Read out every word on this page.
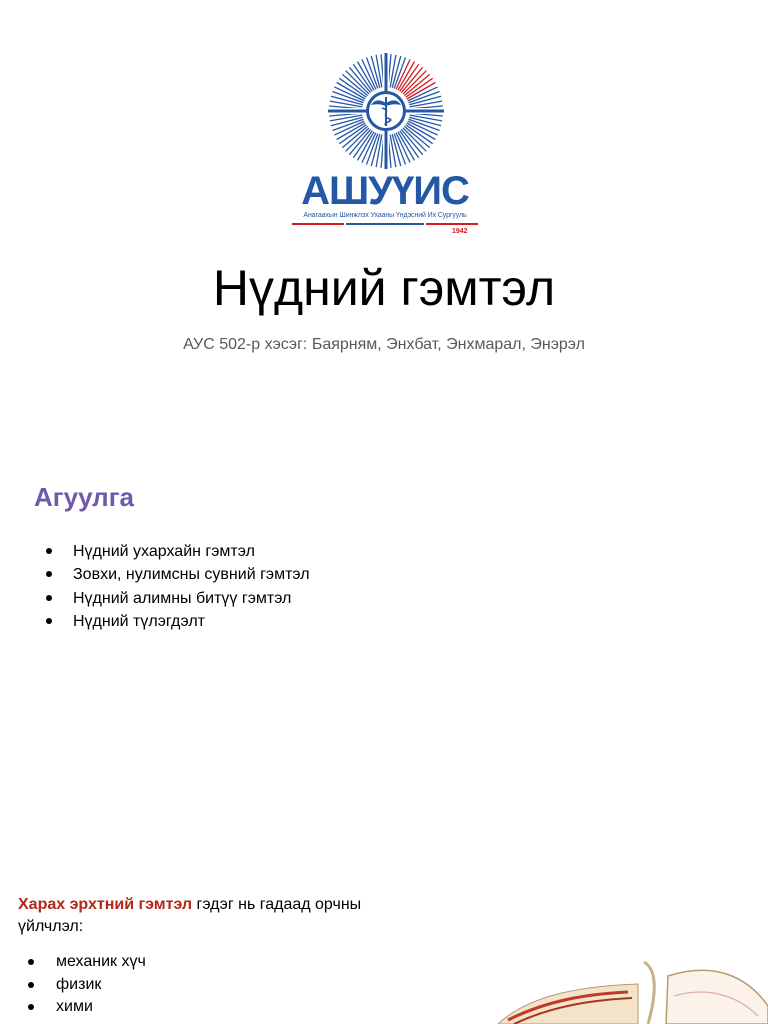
АШУҮИС
Анагаахын Шинжлэх Ухааны Үндэсний Их Сургууль
1942
Нүдний гэмтэл
АУС 502-р хэсэг: Баярням, Энхбат, Энхмарал, Энэрэл
Агуулга
Нүдний ухархайн гэмтэл
Зовхи, нулимсны сувний гэмтэл
Нүдний алимны битүү гэмтэл
Нүдний түлэгдэлт
Харах эрхтний гэмтэл гэдэг нь гадаад орчны үйлчлэл:
механик хүч
физик
хими
